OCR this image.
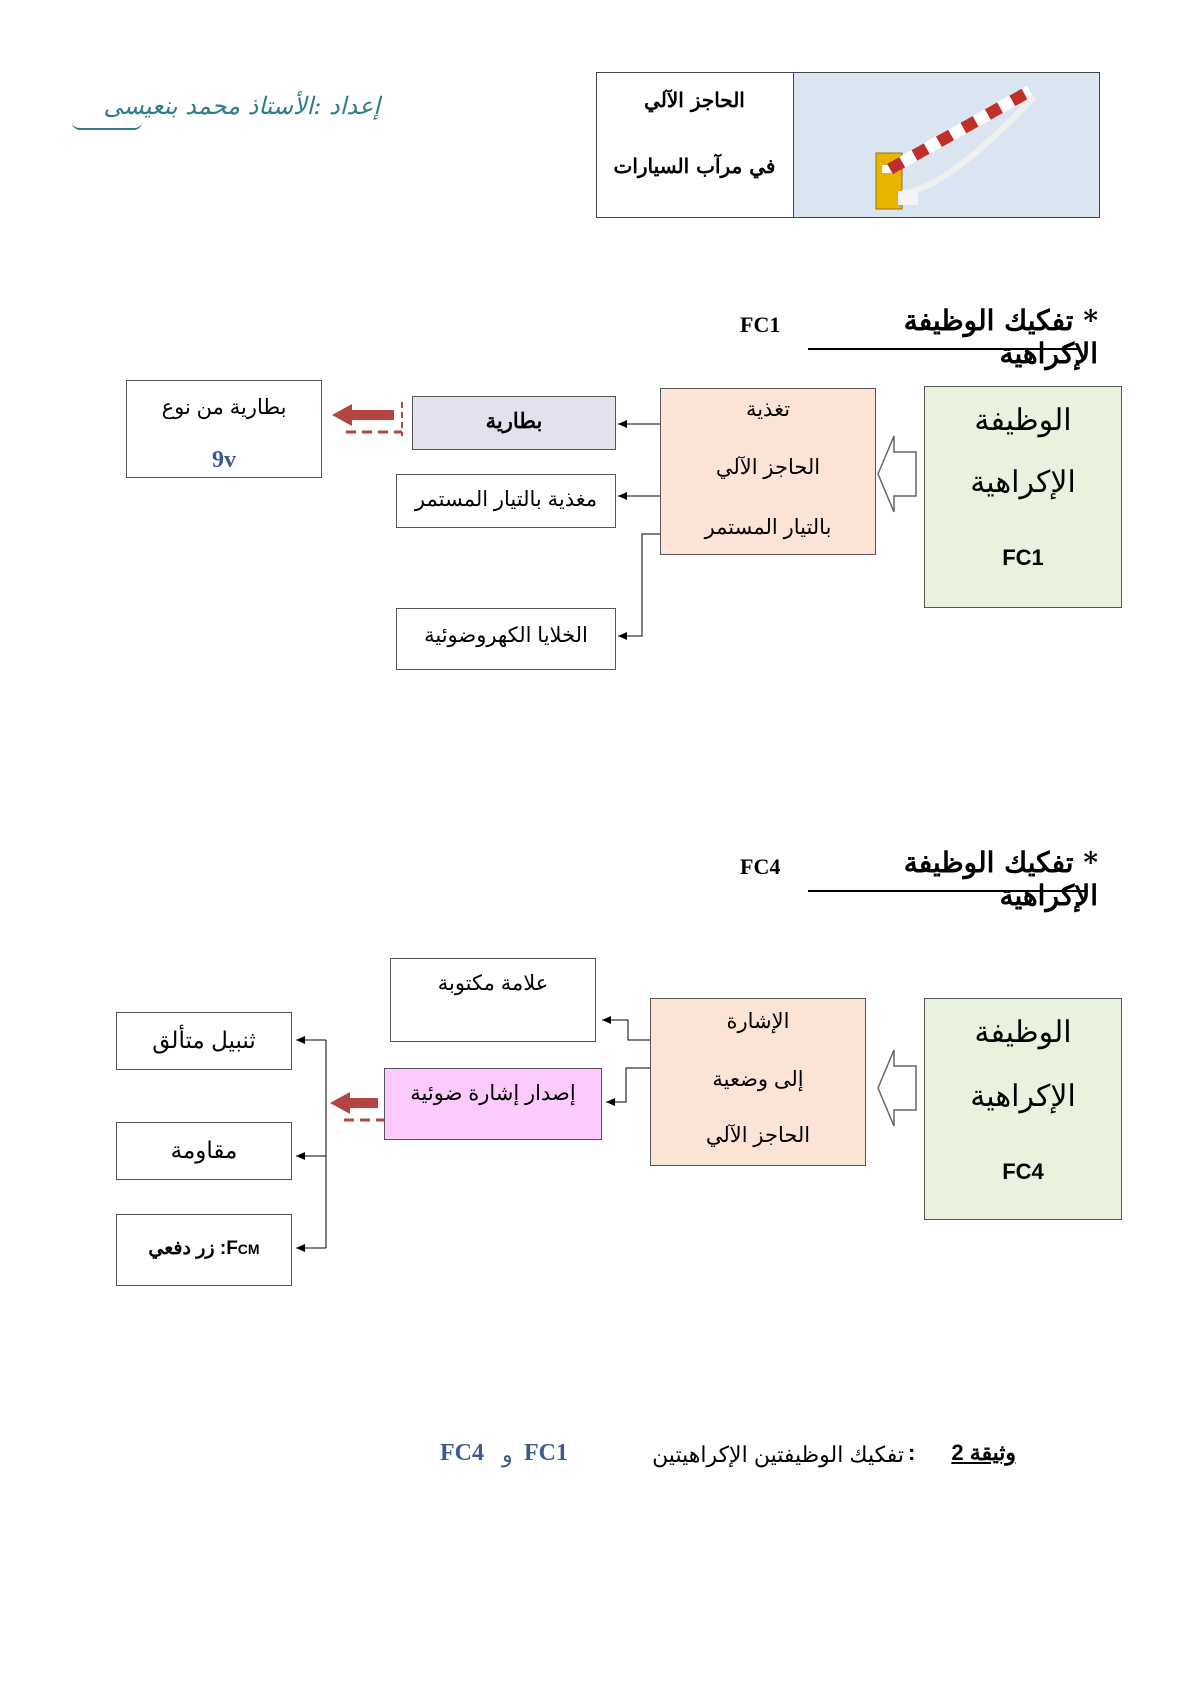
إعداد :الأستاذ محمد بنعيسى	الحاجز الآلي
في مرآب السيارات
* تفكيك الوظيفة الإكراهية
FC1
الوظيفة
الإكراهية
FC1
تغذية
الحاجز الآلي
بالتيار المستمر
بطارية
مغذية بالتيار المستمر
الخلايا الكهروضوئية
بطارية من نوع
9v
* تفكيك الوظيفة الإكراهية
FC4
الوظيفة
الإكراهية
FC4
الإشارة
إلى وضعية
الحاجز الآلي
علامة مكتوبة
إصدار إشارة ضوئية
ثنبيل متألق
مقاومة
: زر دفعيFCM
وثيقة 2
:
تفكيك الوظيفتين الإكراهيتين
FC1
و
FC4
